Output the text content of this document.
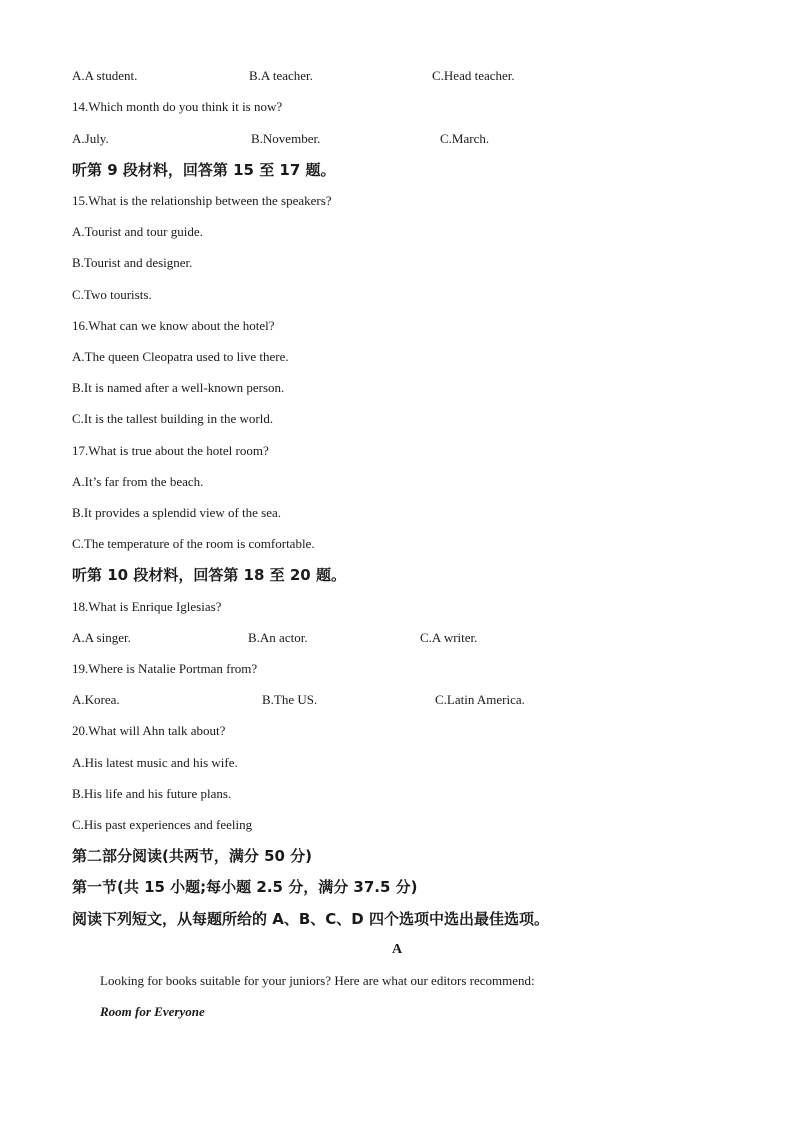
A.A student.	B.A teacher.	C.Head teacher.
14.Which month do you think it is now?
A.July.	B.November.	C.March.
听第 9 段材料，回答第 15 至 17 题。
15.What is the relationship between the speakers?
A.Tourist and tour guide.
B.Tourist and designer.
C.Two tourists.
16.What can we know about the hotel?
A.The queen Cleopatra used to live there.
B.It is named after a well-known person.
C.It is the tallest building in the world.
17.What is true about the hotel room?
A.It’s far from the beach.
B.It provides a splendid view of the sea.
C.The temperature of the room is comfortable.
听第 10 段材料，回答第 18 至 20 题。
18.What is Enrique Iglesias?
A.A singer.	B.An actor.	C.A writer.
19.Where is Natalie Portman from?
A.Korea.	B.The US.	C.Latin America.
20.What will Ahn talk about?
A.His latest music and his wife.
B.His life and his future plans.
C.His past experiences and feeling
第二部分阅读(共两节，满分 50 分)
第一节(共 15 小题;每小题 2.5 分，满分 37.5 分)
阅读下列短文，从每题所给的 A、B、C、D 四个选项中选出最佳选项。
A
Looking for books suitable for your juniors? Here are what our editors recommend:
Room for Everyone
